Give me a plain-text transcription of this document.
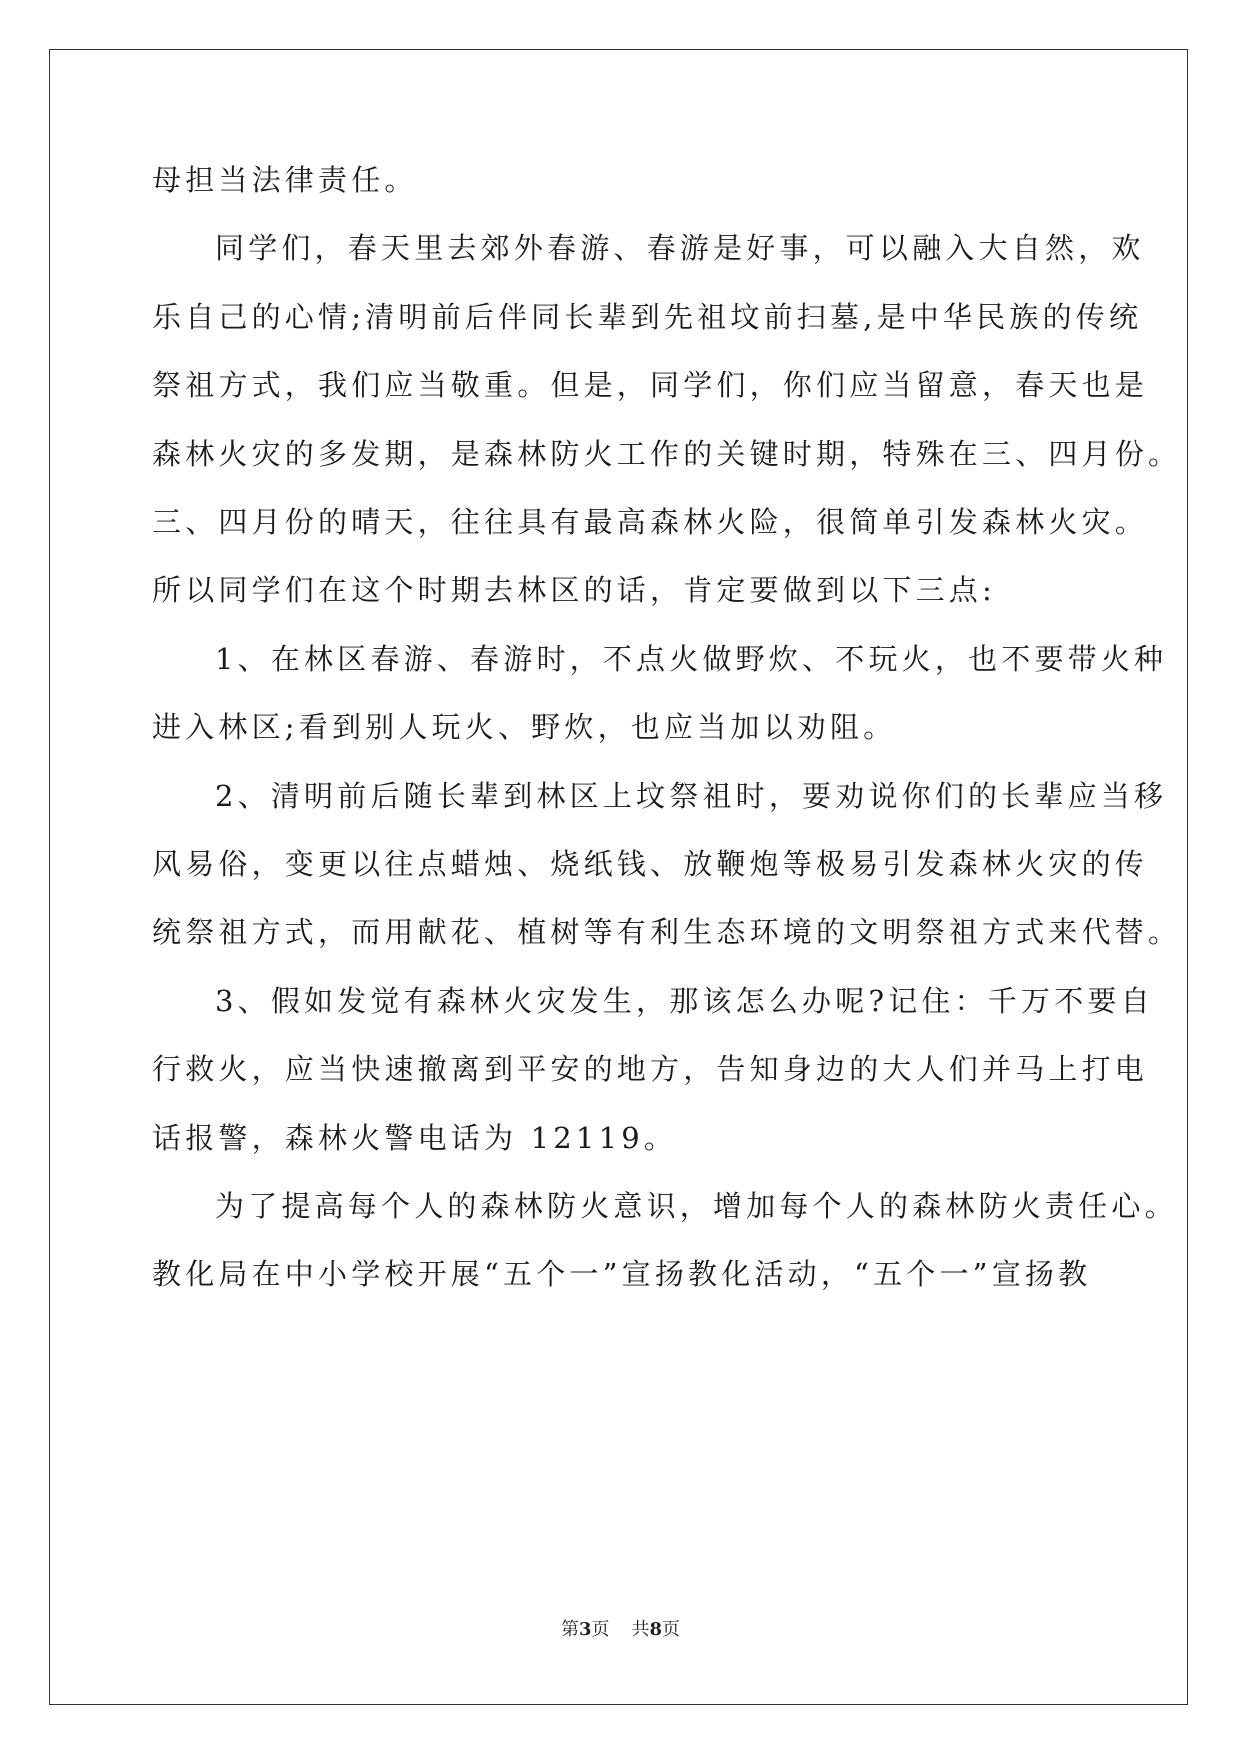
母担当法律责任。
同学们，春天里去郊外春游、春游是好事，可以融入大自然，欢
乐自己的心情;清明前后伴同长辈到先祖坟前扫墓,是中华民族的传统
祭祖方式，我们应当敬重。但是，同学们，你们应当留意，春天也是
森林火灾的多发期，是森林防火工作的关键时期，特殊在三、四月份。
三、四月份的晴天，往往具有最高森林火险，很简单引发森林火灾。
所以同学们在这个时期去林区的话，肯定要做到以下三点:
1、在林区春游、春游时，不点火做野炊、不玩火，也不要带火种
进入林区;看到别人玩火、野炊，也应当加以劝阻。
2、清明前后随长辈到林区上坟祭祖时，要劝说你们的长辈应当移
风易俗，变更以往点蜡烛、烧纸钱、放鞭炮等极易引发森林火灾的传
统祭祖方式，而用献花、植树等有利生态环境的文明祭祖方式来代替。
3、假如发觉有森林火灾发生，那该怎么办呢?记住：千万不要自
行救火，应当快速撤离到平安的地方，告知身边的大人们并马上打电
话报警，森林火警电话为 12119。
为了提高每个人的森林防火意识，增加每个人的森林防火责任心。
教化局在中小学校开展“五个一”宣扬教化活动，“五个一”宣扬教
第3页 共8页
